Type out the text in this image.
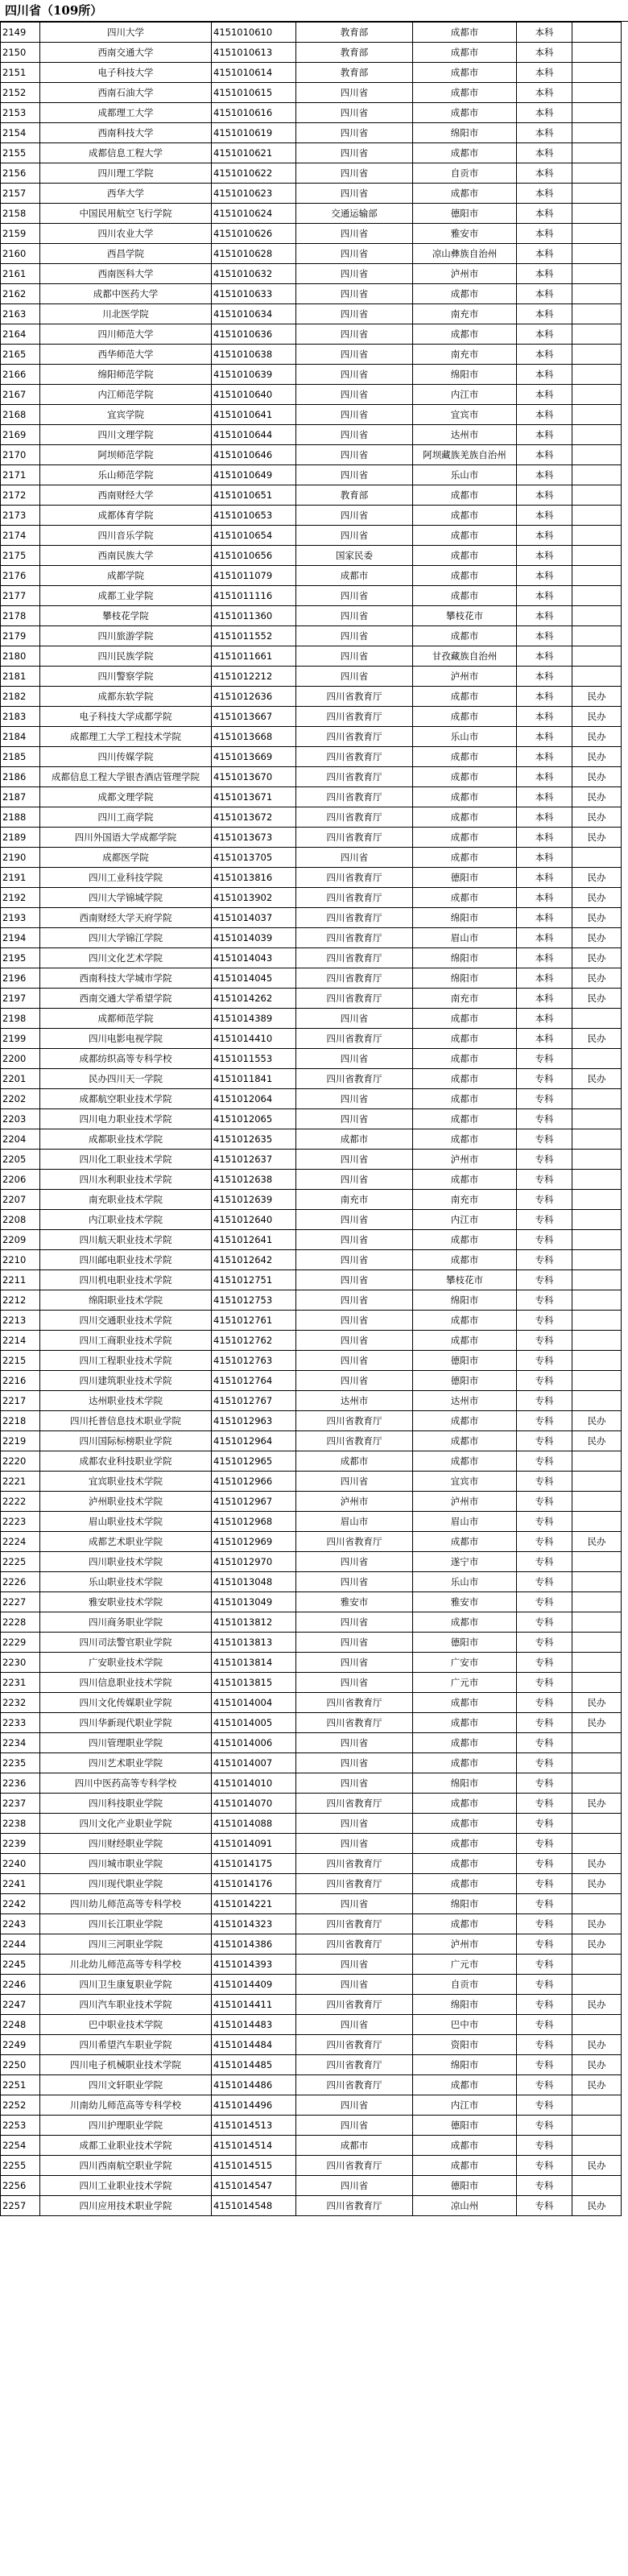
四川省（109所）
2149	四川大学	4151010610	教育部	成都市	本科	
2150	西南交通大学	4151010613	教育部	成都市	本科	
2151	电子科技大学	4151010614	教育部	成都市	本科	
2152	西南石油大学	4151010615	四川省	成都市	本科	
2153	成都理工大学	4151010616	四川省	成都市	本科	
2154	西南科技大学	4151010619	四川省	绵阳市	本科	
2155	成都信息工程大学	4151010621	四川省	成都市	本科	
2156	四川理工学院	4151010622	四川省	自贡市	本科	
2157	西华大学	4151010623	四川省	成都市	本科	
2158	中国民用航空飞行学院	4151010624	交通运输部	德阳市	本科	
2159	四川农业大学	4151010626	四川省	雅安市	本科	
2160	西昌学院	4151010628	四川省	凉山彝族自治州	本科	
2161	西南医科大学	4151010632	四川省	泸州市	本科	
2162	成都中医药大学	4151010633	四川省	成都市	本科	
2163	川北医学院	4151010634	四川省	南充市	本科	
2164	四川师范大学	4151010636	四川省	成都市	本科	
2165	西华师范大学	4151010638	四川省	南充市	本科	
2166	绵阳师范学院	4151010639	四川省	绵阳市	本科	
2167	内江师范学院	4151010640	四川省	内江市	本科	
2168	宜宾学院	4151010641	四川省	宜宾市	本科	
2169	四川文理学院	4151010644	四川省	达州市	本科	
2170	阿坝师范学院	4151010646	四川省	阿坝藏族羌族自治州	本科	
2171	乐山师范学院	4151010649	四川省	乐山市	本科	
2172	西南财经大学	4151010651	教育部	成都市	本科	
2173	成都体育学院	4151010653	四川省	成都市	本科	
2174	四川音乐学院	4151010654	四川省	成都市	本科	
2175	西南民族大学	4151010656	国家民委	成都市	本科	
2176	成都学院	4151011079	成都市	成都市	本科	
2177	成都工业学院	4151011116	四川省	成都市	本科	
2178	攀枝花学院	4151011360	四川省	攀枝花市	本科	
2179	四川旅游学院	4151011552	四川省	成都市	本科	
2180	四川民族学院	4151011661	四川省	甘孜藏族自治州	本科	
2181	四川警察学院	4151012212	四川省	泸州市	本科	
2182	成都东软学院	4151012636	四川省教育厅	成都市	本科	民办
2183	电子科技大学成都学院	4151013667	四川省教育厅	成都市	本科	民办
2184	成都理工大学工程技术学院	4151013668	四川省教育厅	乐山市	本科	民办
2185	四川传媒学院	4151013669	四川省教育厅	成都市	本科	民办
2186	成都信息工程大学银杏酒店管理学院	4151013670	四川省教育厅	成都市	本科	民办
2187	成都文理学院	4151013671	四川省教育厅	成都市	本科	民办
2188	四川工商学院	4151013672	四川省教育厅	成都市	本科	民办
2189	四川外国语大学成都学院	4151013673	四川省教育厅	成都市	本科	民办
2190	成都医学院	4151013705	四川省	成都市	本科	
2191	四川工业科技学院	4151013816	四川省教育厅	德阳市	本科	民办
2192	四川大学锦城学院	4151013902	四川省教育厅	成都市	本科	民办
2193	西南财经大学天府学院	4151014037	四川省教育厅	绵阳市	本科	民办
2194	四川大学锦江学院	4151014039	四川省教育厅	眉山市	本科	民办
2195	四川文化艺术学院	4151014043	四川省教育厅	绵阳市	本科	民办
2196	西南科技大学城市学院	4151014045	四川省教育厅	绵阳市	本科	民办
2197	西南交通大学希望学院	4151014262	四川省教育厅	南充市	本科	民办
2198	成都师范学院	4151014389	四川省	成都市	本科	
2199	四川电影电视学院	4151014410	四川省教育厅	成都市	本科	民办
2200	成都纺织高等专科学校	4151011553	四川省	成都市	专科	
2201	民办四川天一学院	4151011841	四川省教育厅	成都市	专科	民办
2202	成都航空职业技术学院	4151012064	四川省	成都市	专科	
2203	四川电力职业技术学院	4151012065	四川省	成都市	专科	
2204	成都职业技术学院	4151012635	成都市	成都市	专科	
2205	四川化工职业技术学院	4151012637	四川省	泸州市	专科	
2206	四川水利职业技术学院	4151012638	四川省	成都市	专科	
2207	南充职业技术学院	4151012639	南充市	南充市	专科	
2208	内江职业技术学院	4151012640	四川省	内江市	专科	
2209	四川航天职业技术学院	4151012641	四川省	成都市	专科	
2210	四川邮电职业技术学院	4151012642	四川省	成都市	专科	
2211	四川机电职业技术学院	4151012751	四川省	攀枝花市	专科	
2212	绵阳职业技术学院	4151012753	四川省	绵阳市	专科	
2213	四川交通职业技术学院	4151012761	四川省	成都市	专科	
2214	四川工商职业技术学院	4151012762	四川省	成都市	专科	
2215	四川工程职业技术学院	4151012763	四川省	德阳市	专科	
2216	四川建筑职业技术学院	4151012764	四川省	德阳市	专科	
2217	达州职业技术学院	4151012767	达州市	达州市	专科	
2218	四川托普信息技术职业学院	4151012963	四川省教育厅	成都市	专科	民办
2219	四川国际标榜职业学院	4151012964	四川省教育厅	成都市	专科	民办
2220	成都农业科技职业学院	4151012965	成都市	成都市	专科	
2221	宜宾职业技术学院	4151012966	四川省	宜宾市	专科	
2222	泸州职业技术学院	4151012967	泸州市	泸州市	专科	
2223	眉山职业技术学院	4151012968	眉山市	眉山市	专科	
2224	成都艺术职业学院	4151012969	四川省教育厅	成都市	专科	民办
2225	四川职业技术学院	4151012970	四川省	遂宁市	专科	
2226	乐山职业技术学院	4151013048	四川省	乐山市	专科	
2227	雅安职业技术学院	4151013049	雅安市	雅安市	专科	
2228	四川商务职业学院	4151013812	四川省	成都市	专科	
2229	四川司法警官职业学院	4151013813	四川省	德阳市	专科	
2230	广安职业技术学院	4151013814	四川省	广安市	专科	
2231	四川信息职业技术学院	4151013815	四川省	广元市	专科	
2232	四川文化传媒职业学院	4151014004	四川省教育厅	成都市	专科	民办
2233	四川华新现代职业学院	4151014005	四川省教育厅	成都市	专科	民办
2234	四川管理职业学院	4151014006	四川省	成都市	专科	
2235	四川艺术职业学院	4151014007	四川省	成都市	专科	
2236	四川中医药高等专科学校	4151014010	四川省	绵阳市	专科	
2237	四川科技职业学院	4151014070	四川省教育厅	成都市	专科	民办
2238	四川文化产业职业学院	4151014088	四川省	成都市	专科	
2239	四川财经职业学院	4151014091	四川省	成都市	专科	
2240	四川城市职业学院	4151014175	四川省教育厅	成都市	专科	民办
2241	四川现代职业学院	4151014176	四川省教育厅	成都市	专科	民办
2242	四川幼儿师范高等专科学校	4151014221	四川省	绵阳市	专科	
2243	四川长江职业学院	4151014323	四川省教育厅	成都市	专科	民办
2244	四川三河职业学院	4151014386	四川省教育厅	泸州市	专科	民办
2245	川北幼儿师范高等专科学校	4151014393	四川省	广元市	专科	
2246	四川卫生康复职业学院	4151014409	四川省	自贡市	专科	
2247	四川汽车职业技术学院	4151014411	四川省教育厅	绵阳市	专科	民办
2248	巴中职业技术学院	4151014483	四川省	巴中市	专科	
2249	四川希望汽车职业学院	4151014484	四川省教育厅	资阳市	专科	民办
2250	四川电子机械职业技术学院	4151014485	四川省教育厅	绵阳市	专科	民办
2251	四川文轩职业学院	4151014486	四川省教育厅	成都市	专科	民办
2252	川南幼儿师范高等专科学校	4151014496	四川省	内江市	专科	
2253	四川护理职业学院	4151014513	四川省	德阳市	专科	
2254	成都工业职业技术学院	4151014514	成都市	成都市	专科	
2255	四川西南航空职业学院	4151014515	四川省教育厅	成都市	专科	民办
2256	四川工业职业技术学院	4151014547	四川省	德阳市	专科	
2257	四川应用技术职业学院	4151014548	四川省教育厅	凉山州	专科	民办
